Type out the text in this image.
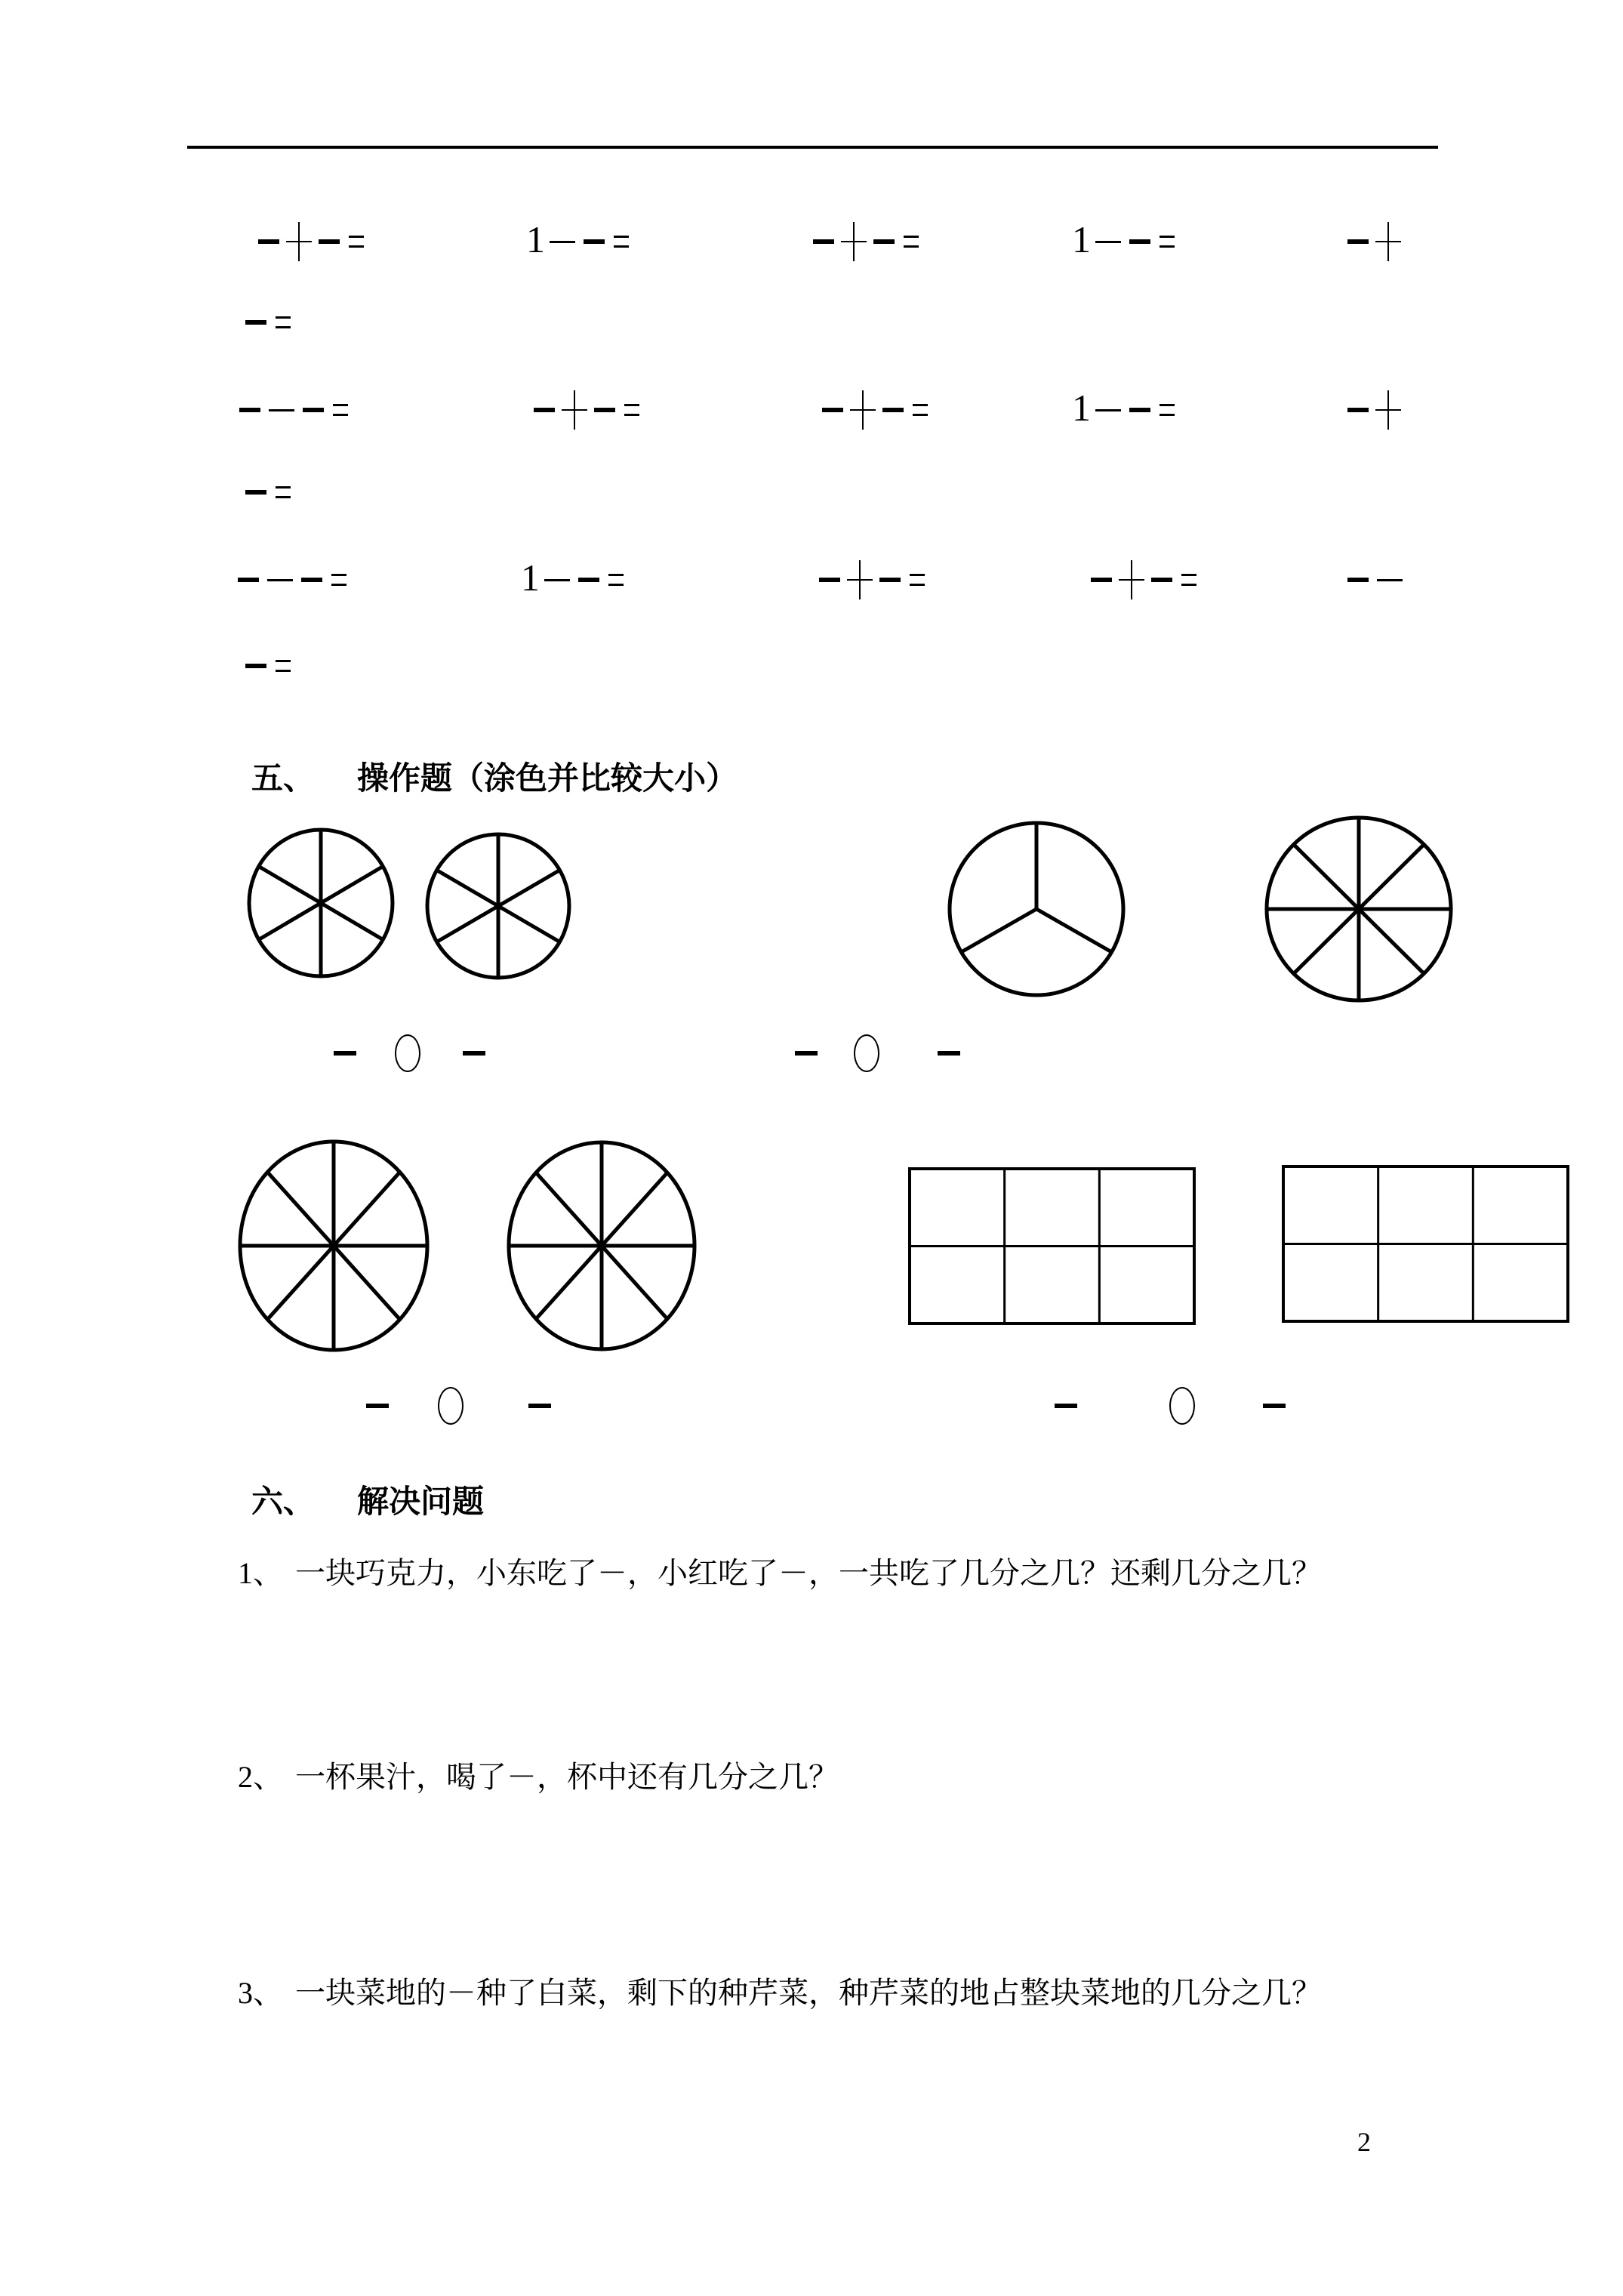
1	1
1
1
五、 操作题（涂色并比较大小）
六、 解决问题
1、 一块巧克力，小东吃了－，小红吃了－，一共吃了几分之几？还剩几分之几？
2、 一杯果汁，喝了－，杯中还有几分之几？
3、 一块菜地的－种了白菜，剩下的种芹菜，种芹菜的地占整块菜地的几分之几？
2
